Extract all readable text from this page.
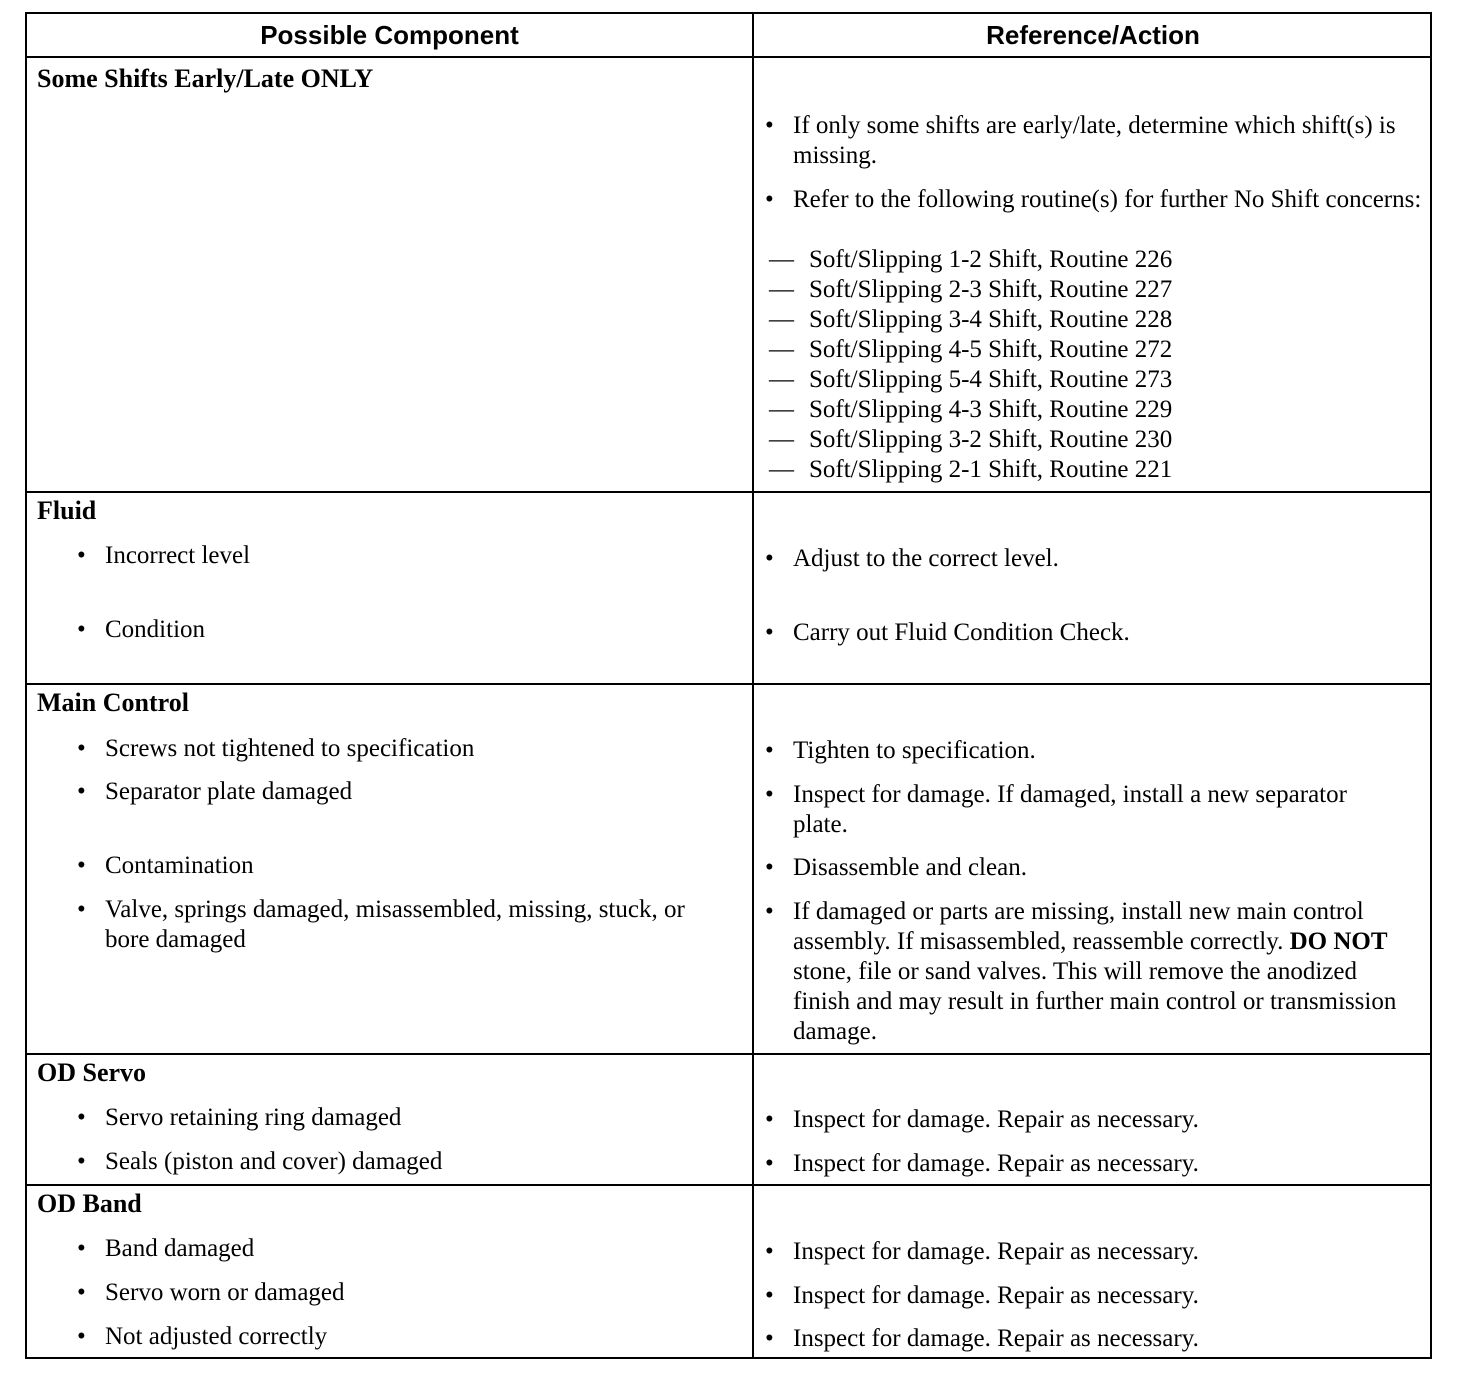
Possible Component	Reference/Action
Some Shifts Early/Late ONLY
• If only some shifts are early/late, determine which shift(s) is missing.
• Refer to the following routine(s) for further No Shift concerns:
— Soft/Slipping 1-2 Shift, Routine 226
— Soft/Slipping 2-3 Shift, Routine 227
— Soft/Slipping 3-4 Shift, Routine 228
— Soft/Slipping 4-5 Shift, Routine 272
— Soft/Slipping 5-4 Shift, Routine 273
— Soft/Slipping 4-3 Shift, Routine 229
— Soft/Slipping 3-2 Shift, Routine 230
— Soft/Slipping 2-1 Shift, Routine 221
Fluid
• Incorrect level
• Condition
• Adjust to the correct level.
• Carry out Fluid Condition Check.
Main Control
• Screws not tightened to specification
• Separator plate damaged
• Contamination
• Valve, springs damaged, misassembled, missing, stuck, or bore damaged
• Tighten to specification.
• Inspect for damage. If damaged, install a new separator plate.
• Disassemble and clean.
• If damaged or parts are missing, install new main control assembly. If misassembled, reassemble correctly. DO NOT stone, file or sand valves. This will remove the anodized finish and may result in further main control or transmission damage.
OD Servo
• Servo retaining ring damaged
• Seals (piston and cover) damaged
• Inspect for damage. Repair as necessary.
• Inspect for damage. Repair as necessary.
OD Band
• Band damaged
• Servo worn or damaged
• Not adjusted correctly
• Inspect for damage. Repair as necessary.
• Inspect for damage. Repair as necessary.
• Inspect for damage. Repair as necessary.
